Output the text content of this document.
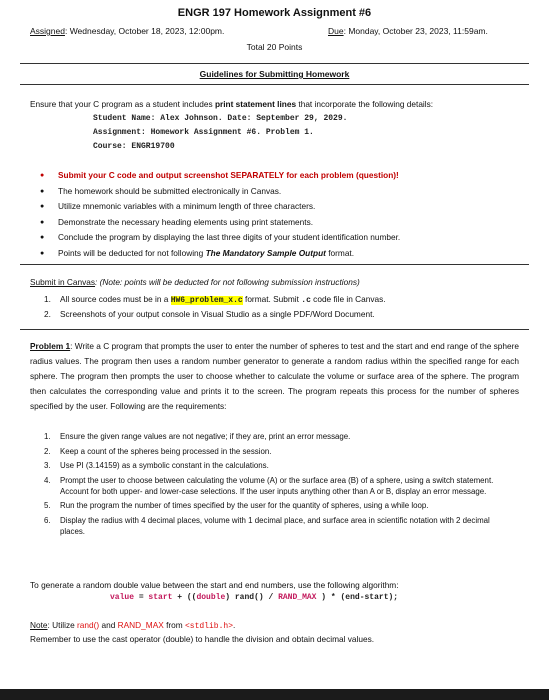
ENGR 197 Homework Assignment #6
Assigned: Wednesday, October 18, 2023, 12:00pm.	Due: Monday, October 23, 2023, 11:59am.
Total 20 Points
Guidelines for Submitting Homework
Ensure that your C program as a student includes print statement lines that incorporate the following details:
Student Name: Alex Johnson. Date: September 29, 2029.
Assignment: Homework Assignment #6. Problem 1.
Course: ENGR19700
● Submit your C code and output screenshot SEPARATELY for each problem (question)!
● The homework should be submitted electronically in Canvas.
● Utilize mnemonic variables with a minimum length of three characters.
● Demonstrate the necessary heading elements using print statements.
● Conclude the program by displaying the last three digits of your student identification number.
● Points will be deducted for not following The Mandatory Sample Output format.
Submit in Canvas: (Note: points will be deducted for not following submission instructions)
1. All source codes must be in a HW6_problem_x.c format. Submit .c code file in Canvas.
2. Screenshots of your output console in Visual Studio as a single PDF/Word Document.
Problem 1: Write a C program that prompts the user to enter the number of spheres to test and the start and end range of the sphere radius values. The program then uses a random number generator to generate a random radius within the specified range for each sphere. The program then prompts the user to choose whether to calculate the volume or surface area of the sphere. The program then calculates the corresponding value and prints it to the screen. The program repeats this process for the number of spheres specified by the user. Following are the requirements:
1. Ensure the given range values are not negative; if they are, print an error message.
2. Keep a count of the spheres being processed in the session.
3. Use PI (3.14159) as a symbolic constant in the calculations.
4. Prompt the user to choose between calculating the volume (A) or the surface area (B) of a sphere, using a switch statement. Account for both upper- and lower-case selections. If the user inputs anything other than A or B, display an error message.
5. Run the program the number of times specified by the user for the quantity of spheres, using a while loop.
6. Display the radius with 4 decimal places, volume with 1 decimal place, and surface area in scientific notation with 2 decimal places.
To generate a random double value between the start and end numbers, use the following algorithm:
value = start + ((double) rand() / RAND_MAX ) * (end-start);
Note: Utilize rand() and RAND_MAX from <stdlib.h>.
Remember to use the cast operator (double) to handle the division and obtain decimal values.
